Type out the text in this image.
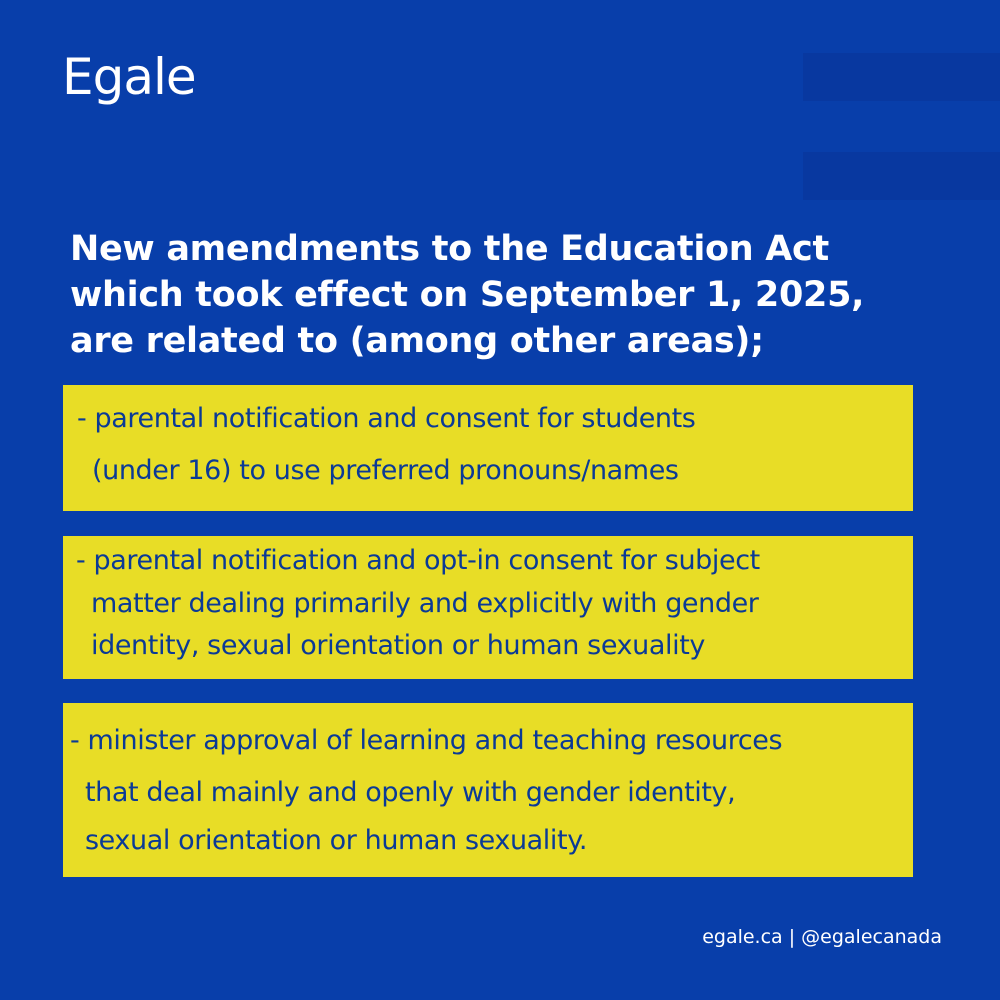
Egale
New amendments to the Education Act
which took effect on September 1, 2025,
are related to (among other areas);
- parental notification and consent for students
(under 16) to use preferred pronouns/names
- parental notification and opt-in consent for subject
matter dealing primarily and explicitly with gender
identity, sexual orientation or human sexuality
- minister approval of learning and teaching resources
that deal mainly and openly with gender identity,
sexual orientation or human sexuality.
egale.ca | @egalecanada
